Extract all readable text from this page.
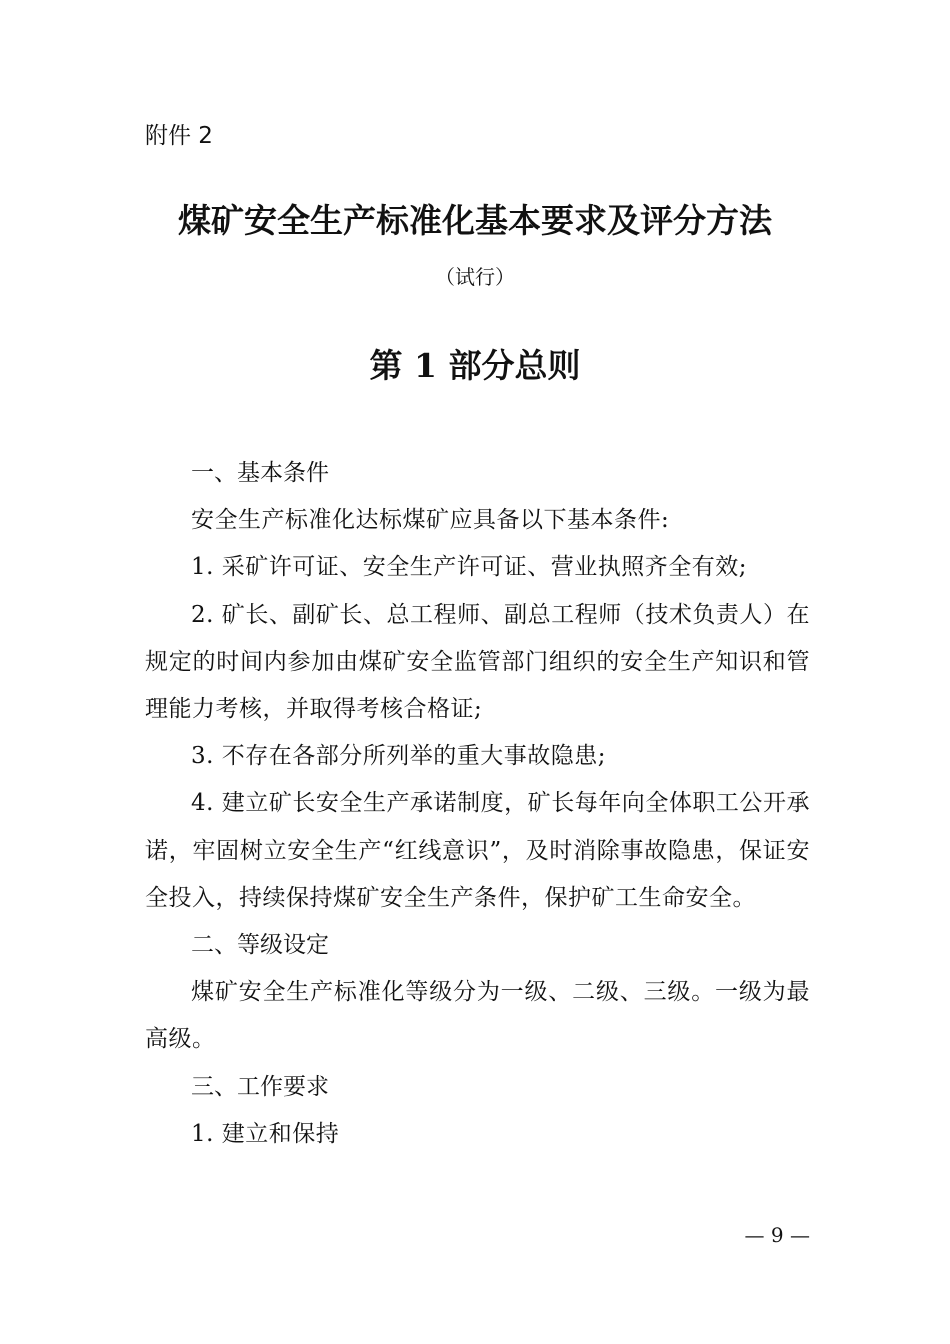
附件 2
煤矿安全生产标准化基本要求及评分方法
（试行）
第 1 部分总则

一、基本条件

安全生产标准化达标煤矿应具备以下基本条件:

1. 采矿许可证、安全生产许可证、营业执照齐全有效;

2. 矿长、副矿长、总工程师、副总工程师（技术负责人）在规定的时间内参加由煤矿安全监管部门组织的安全生产知识和管理能力考核，并取得考核合格证;

3. 不存在各部分所列举的重大事故隐患;

4. 建立矿长安全生产承诺制度，矿长每年向全体职工公开承诺，牢固树立安全生产“红线意识”，及时消除事故隐患，保证安全投入，持续保持煤矿安全生产条件，保护矿工生命安全。

二、等级设定

煤矿安全生产标准化等级分为一级、二级、三级。一级为最高级。

三、工作要求

1. 建立和保持

— 9 —
